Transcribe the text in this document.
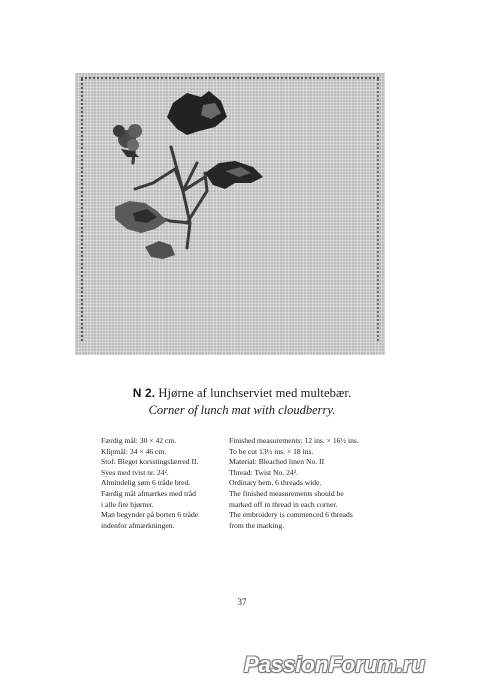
N 2. Hjørne af lunchserviet med multebær.
Corner of lunch mat with cloudberry.
Færdig mål: 30 × 42 cm.
Klipmål: 34 × 46 cm.
Stof: Bleget korsstingslærred II.
Syes med tvist nr. 24².
Almindelig søm 6 tråde bred.
Færdig mål afmærkes med tråd
i alle fire hjørner.
Man begynder på borten 6 tråde
indenfor afmærkningen.
Finished measurements: 12 ins. × 16½ ins.
To be cut 13½ ins. × 18 ins.
Material: Bleached linen No. II
Thread: Twist No. 24².
Ordinary hem, 6 threads wide.
The finished measurements should be
marked off in thread in each corner.
The embroidery is commenced 6 threads
from the marking.
37
PassionForum.ru
